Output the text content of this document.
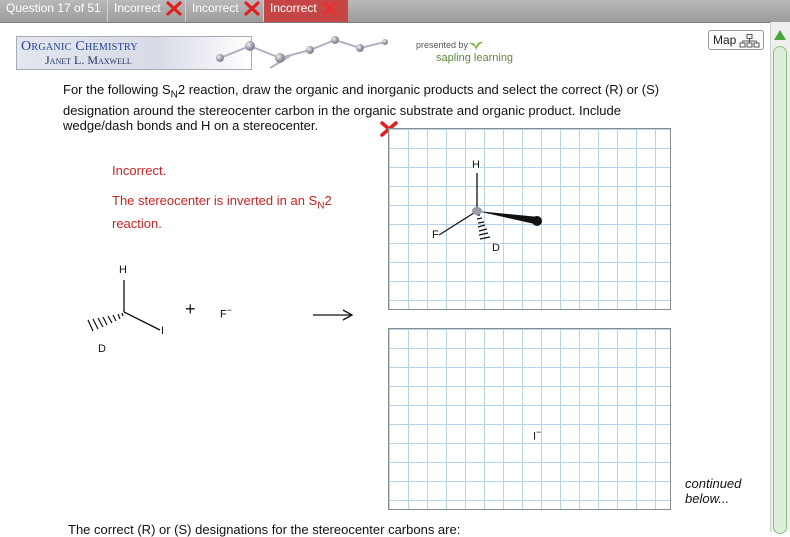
Question 17 of 51	Incorrect	Incorrect	Incorrect
Organic Chemistry
Janet L. Maxwell
presented by
sapling learning
Map
For the following $S_N2$ reaction, draw the organic and inorganic products and select the correct (R) or (S)
designation around the stereocenter carbon in the organic substrate and organic product. Include
wedge/dash bonds and H on a stereocenter.
Incorrect.
The stereocenter is inverted in an $S_N2$
reaction.
H
D
I
+ F−
H
F
D
I−
continued
below...
The correct (R) or (S) designations for the stereocenter carbons are:
